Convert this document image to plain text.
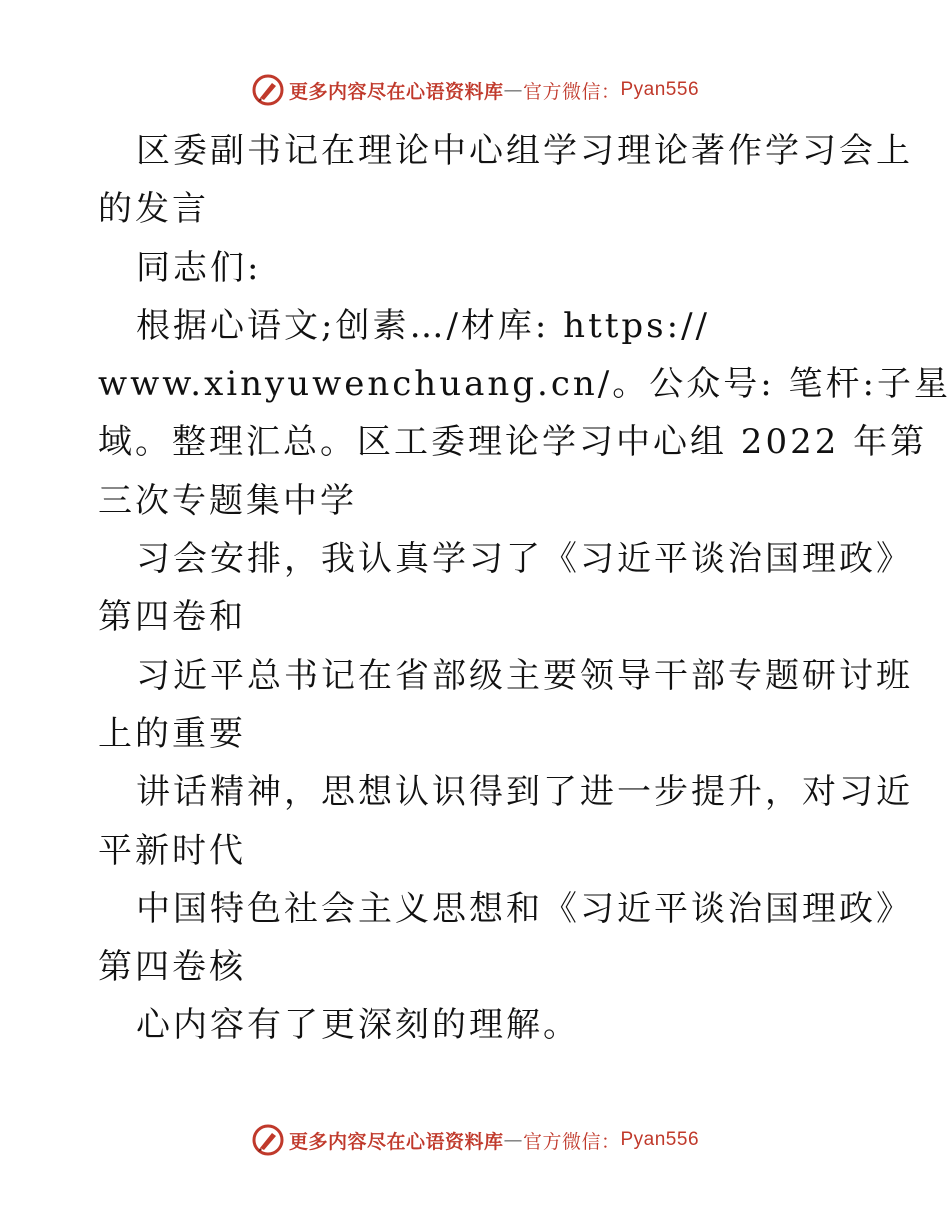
更多内容尽在心语资料库 — 官方微信： Pyan556
区委副书记在理论中心组学习理论著作学习会上
的发言
同志们:
根据心语文;创素…/材库: https://
www.xinyuwenchuang.cn/。公众号: 笔杆:子星
域。整理汇总。区工委理论学习中心组 2022 年第
三次专题集中学
习会安排，我认真学习了《习近平谈治国理政》
第四卷和
习近平总书记在省部级主要领导干部专题研讨班
上的重要
讲话精神，思想认识得到了进一步提升，对习近
平新时代
中国特色社会主义思想和《习近平谈治国理政》
第四卷核
心内容有了更深刻的理解。
更多内容尽在心语资料库 — 官方微信： Pyan556
